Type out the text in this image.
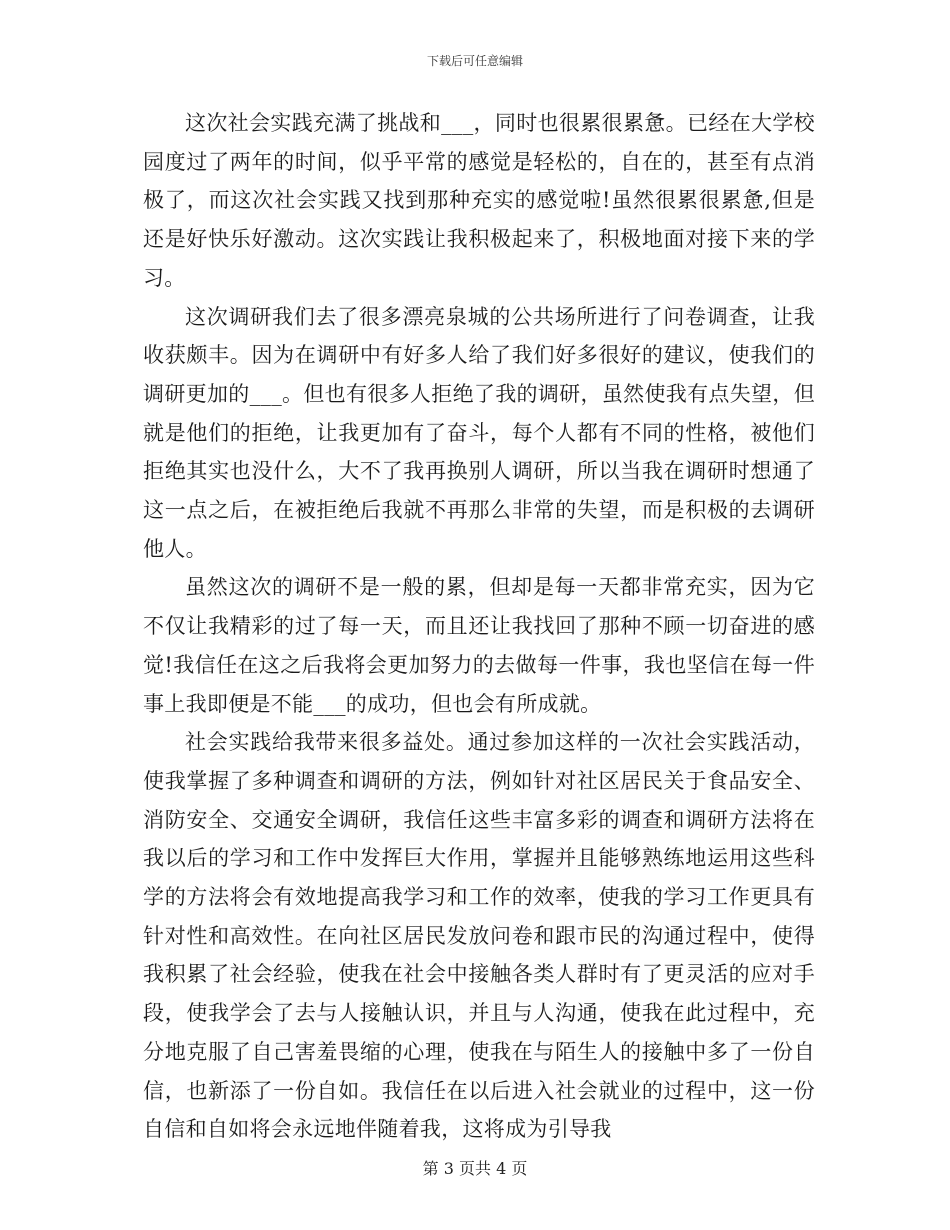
下载后可任意编辑

这次社会实践充满了挑战和___，同时也很累很累惫。已经在大学校园度过了两年的时间，似乎平常的感觉是轻松的，自在的，甚至有点消极了，而这次社会实践又找到那种充实的感觉啦!虽然很累很累惫,但是还是好快乐好激动。这次实践让我积极起来了，积极地面对接下来的学习。

这次调研我们去了很多漂亮泉城的公共场所进行了问卷调查，让我收获颇丰。因为在调研中有好多人给了我们好多很好的建议，使我们的调研更加的___。但也有很多人拒绝了我的调研，虽然使我有点失望，但就是他们的拒绝，让我更加有了奋斗，每个人都有不同的性格，被他们拒绝其实也没什么，大不了我再换别人调研，所以当我在调研时想通了这一点之后，在被拒绝后我就不再那么非常的失望，而是积极的去调研他人。

虽然这次的调研不是一般的累，但却是每一天都非常充实，因为它不仅让我精彩的过了每一天，而且还让我找回了那种不顾一切奋进的感觉!我信任在这之后我将会更加努力的去做每一件事，我也坚信在每一件事上我即便是不能___的成功，但也会有所成就。

社会实践给我带来很多益处。通过参加这样的一次社会实践活动，使我掌握了多种调查和调研的方法，例如针对社区居民关于食品安全、消防安全、交通安全调研，我信任这些丰富多彩的调查和调研方法将在我以后的学习和工作中发挥巨大作用，掌握并且能够熟练地运用这些科学的方法将会有效地提高我学习和工作的效率，使我的学习工作更具有针对性和高效性。在向社区居民发放问卷和跟市民的沟通过程中，使得我积累了社会经验，使我在社会中接触各类人群时有了更灵活的应对手段，使我学会了去与人接触认识，并且与人沟通，使我在此过程中，充分地克服了自己害羞畏缩的心理，使我在与陌生人的接触中多了一份自信，也新添了一份自如。我信任在以后进入社会就业的过程中，这一份自信和自如将会永远地伴随着我，这将成为引导我

第 3 页共 4 页
